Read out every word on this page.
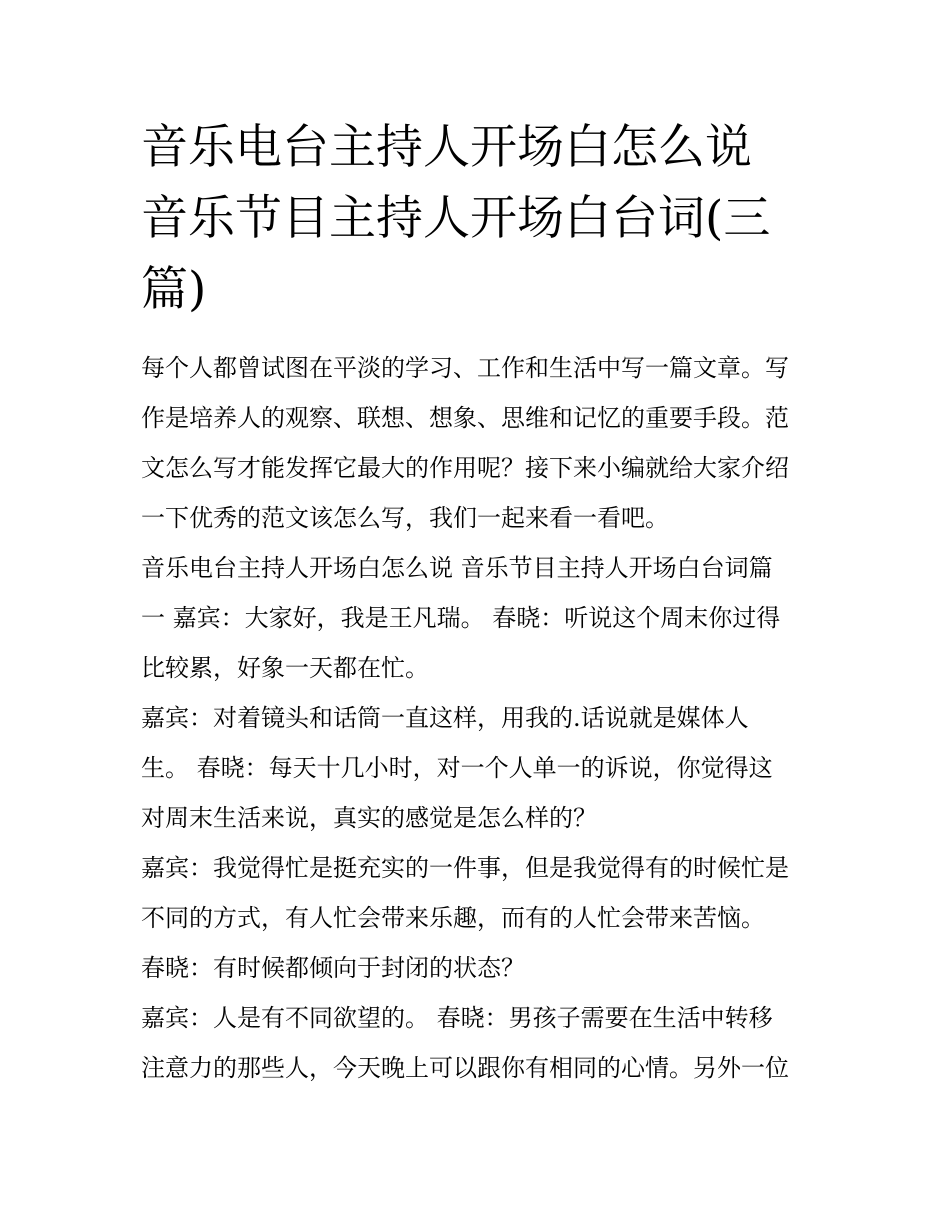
音乐电台主持人开场白怎么说
音乐节目主持人开场白台词(三
篇)

每个人都曾试图在平淡的学习、工作和生活中写一篇文章。写
作是培养人的观察、联想、想象、思维和记忆的重要手段。范
文怎么写才能发挥它最大的作用呢？接下来小编就给大家介绍
一下优秀的范文该怎么写，我们一起来看一看吧。

音乐电台主持人开场白怎么说 音乐节目主持人开场白台词篇
一 嘉宾：大家好，我是王凡瑞。 春晓：听说这个周末你过得
比较累，好象一天都在忙。

嘉宾：对着镜头和话筒一直这样，用我的.话说就是媒体人
生。 春晓：每天十几小时，对一个人单一的诉说，你觉得这
对周末生活来说，真实的感觉是怎么样的？

嘉宾：我觉得忙是挺充实的一件事，但是我觉得有的时候忙是
不同的方式，有人忙会带来乐趣，而有的人忙会带来苦恼。

春晓：有时候都倾向于封闭的状态？

嘉宾：人是有不同欲望的。 春晓：男孩子需要在生活中转移
注意力的那些人，今天晚上可以跟你有相同的心情。另外一位
